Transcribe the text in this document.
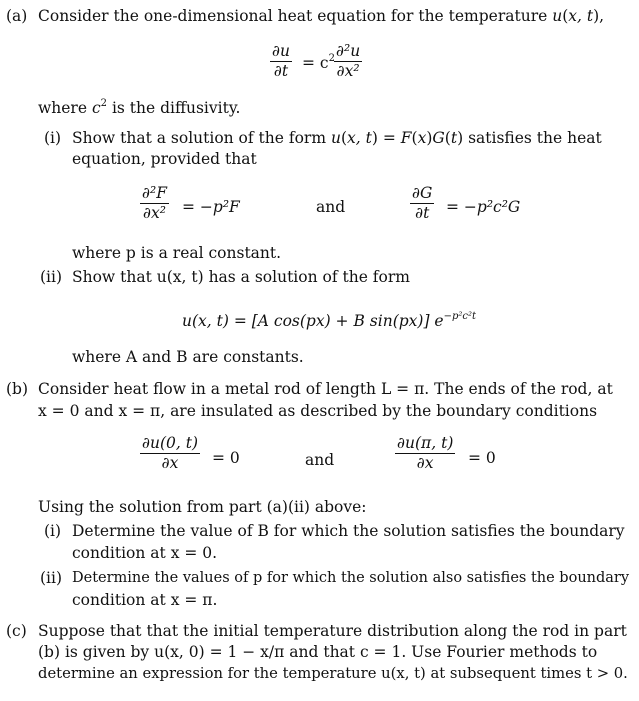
(a) Consider the one-dimensional heat equation for the temperature u(x, t),
$\frac{\partial u}{\partial t} = c^2 \frac{\text{∂²u}}{\text{∂x²}}$
where $c^2$ is the diffusivity.
(i) Show that a solution of the form u(x, t) = F(x)G(t) satisfies the heat
equation, provided that
$\frac{\text{∂²F}}{\text{∂x²}} = -p^2F$	and	$\frac{\partial G}{\partial t} = -p^2c^2G$
where p is a real constant.
(ii) Show that u(x, t) has a solution of the form
u(x, t) = [A cos(px) + B sin(px)] $e^{-p^2c^2t}$
where A and B are constants.
(b) Consider heat flow in a metal rod of length L = π. The ends of the rod, at
x = 0 and x = π, are insulated as described by the boundary conditions
$\frac{\partial u(0, t)}{\partial x} = 0$	and	$\frac{\partial u(\pi, t)}{\partial x} = 0$
Using the solution from part (a)(ii) above:
(i) Determine the value of B for which the solution satisfies the boundary
condition at x = 0.
(ii) Determine the values of p for which the solution also satisfies the boundary
condition at x = π.
(c) Suppose that that the initial temperature distribution along the rod in part
(b) is given by u(x, 0) = 1 − x/π and that c = 1. Use Fourier methods to
determine an expression for the temperature u(x, t) at subsequent times t > 0.
